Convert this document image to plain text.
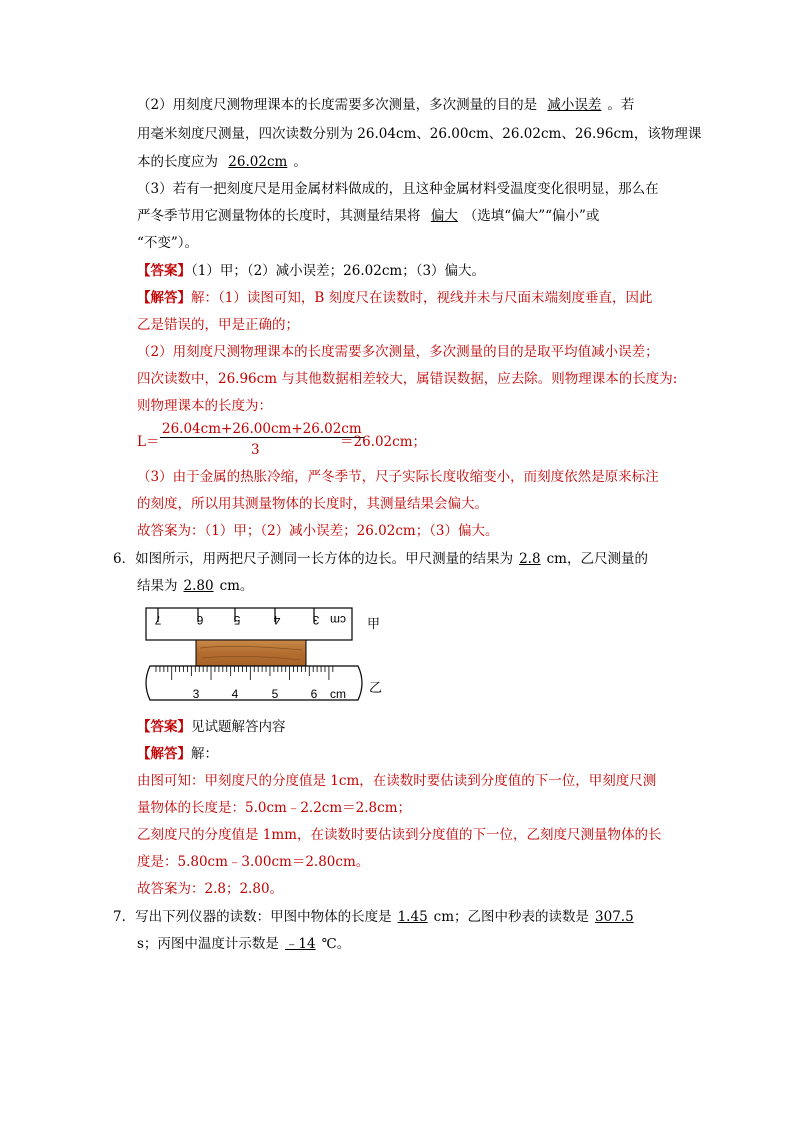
（2）用刻度尺测物理课本的长度需要多次测量，多次测量的目的是 减小误差 。若
用毫米刻度尺测量，四次读数分别为 26.04cm、26.00cm、26.02cm、26.96cm，该物理课
本的长度应为 26.02cm 。
（3）若有一把刻度尺是用金属材料做成的，且这种金属材料受温度变化很明显，那么在
严冬季节用它测量物体的长度时，其测量结果将 偏大 （选填“偏大”“偏小”或
“不变”）。
【答案】（1）甲；（2）减小误差；26.02cm；（3）偏大。
【解答】解：（1）读图可知，B 刻度尺在读数时，视线并未与尺面末端刻度垂直，因此
乙是错误的，甲是正确的；
（2）用刻度尺测物理课本的长度需要多次测量，多次测量的目的是取平均值减小误差；
四次读数中，26.96cm 与其他数据相差较大，属错误数据，应去除。则物理课本的长度为:
则物理课本的长度为：
L＝
26.04cm+26.00cm+26.02cm
3	＝26.02cm；
（3）由于金属的热胀冷缩，严冬季节，尺子实际长度收缩变小，而刻度依然是原来标注
的刻度，所以用其测量物体的长度时，其测量结果会偏大。
故答案为：（1）甲；（2）减小误差；26.02cm；（3）偏大。
6．如图所示，用两把尺子测同一长方体的边长。甲尺测量的结果为 2.8 cm，乙尺测量的
结果为 2.80 cm。
7	6	5	4	3 cm 甲
3	4	5	6 cm 乙
【答案】见试题解答内容
【解答】解：
由图可知：甲刻度尺的分度值是 1cm，在读数时要估读到分度值的下一位，甲刻度尺测
量物体的长度是：5.0cm﹣2.2cm＝2.8cm；
乙刻度尺的分度值是 1mm，在读数时要估读到分度值的下一位，乙刻度尺测量物体的长
度是：5.80cm﹣3.00cm＝2.80cm。
故答案为：2.8；2.80。
7．写出下列仪器的读数：甲图中物体的长度是 1.45 cm；乙图中秒表的读数是 307.5
s；丙图中温度计示数是 ﹣14 ℃。
